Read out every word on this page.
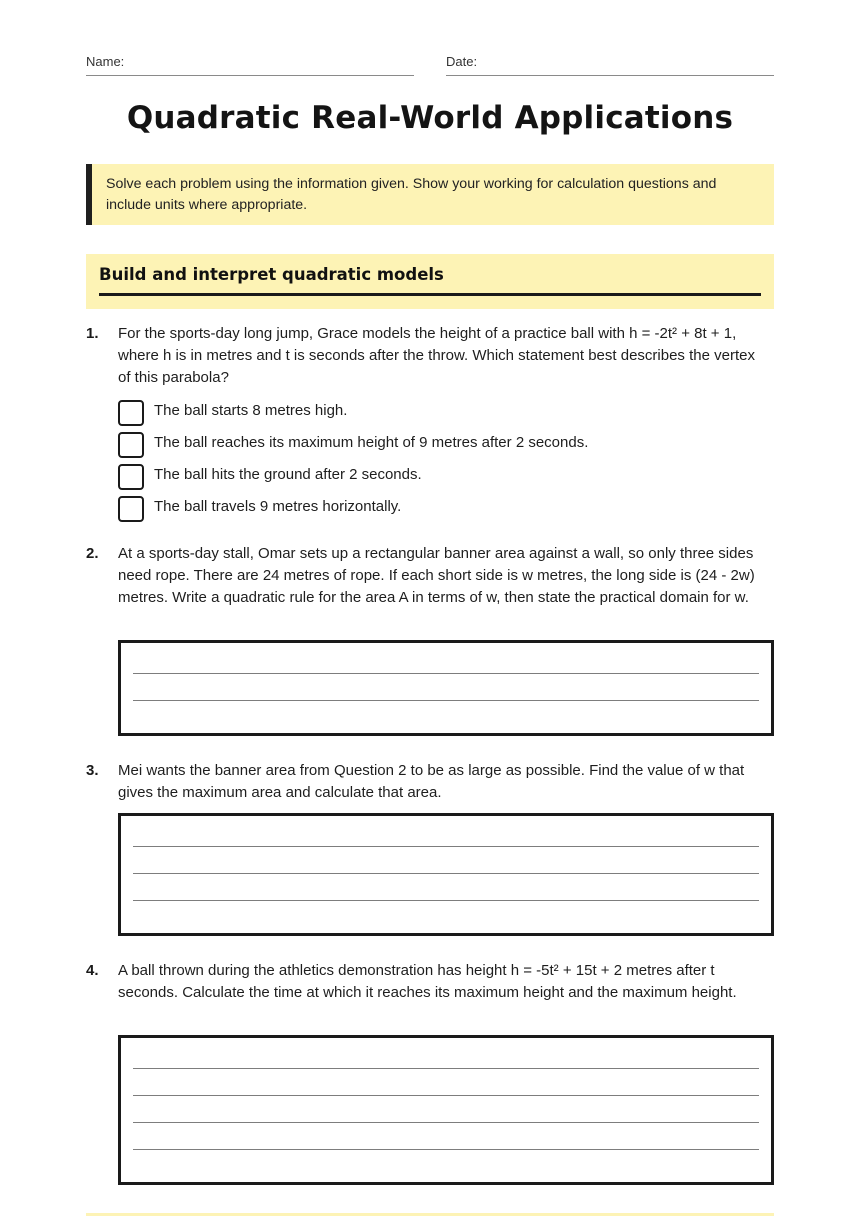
Name:	Date:
Quadratic Real-World Applications
Solve each problem using the information given. Show your working for calculation questions and include units where appropriate.
Build and interpret quadratic models
1. For the sports-day long jump, Grace models the height of a practice ball with h = -2t² + 8t + 1, where h is in metres and t is seconds after the throw. Which statement best describes the vertex of this parabola?
The ball starts 8 metres high.
The ball reaches its maximum height of 9 metres after 2 seconds.
The ball hits the ground after 2 seconds.
The ball travels 9 metres horizontally.
2. At a sports-day stall, Omar sets up a rectangular banner area against a wall, so only three sides need rope. There are 24 metres of rope. If each short side is w metres, the long side is (24 - 2w) metres. Write a quadratic rule for the area A in terms of w, then state the practical domain for w.
3. Mei wants the banner area from Question 2 to be as large as possible. Find the value of w that gives the maximum area and calculate that area.
4. A ball thrown during the athletics demonstration has height h = -5t² + 15t + 2 metres after t seconds. Calculate the time at which it reaches its maximum height and the maximum height.
